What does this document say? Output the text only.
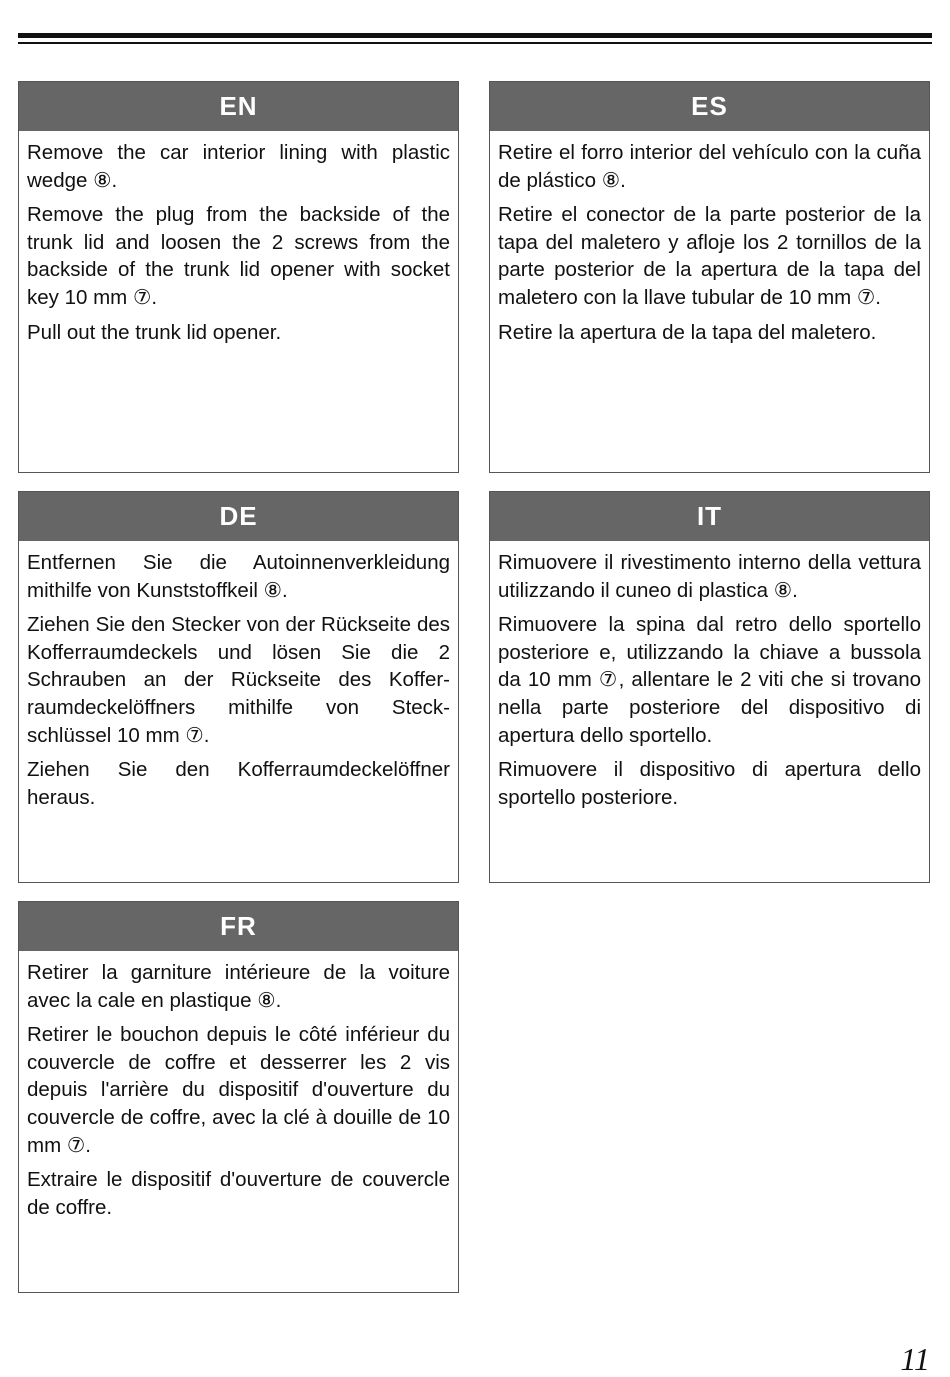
EN

Remove the car interior lining with plastic wedge ⑧.

Remove the plug from the backside of the trunk lid and loosen the 2 screws from the backside of the trunk lid opener with socket key 10 mm ⑦.

Pull out the trunk lid opener.

ES

Retire el forro interior del vehículo con la cuña de plástico ⑧.

Retire el conector de la parte posterior de la tapa del maletero y afloje los 2 tornillos de la parte posterior de la apertura de la tapa del maletero con la llave tubular de 10 mm ⑦.

Retire la apertura de la tapa del maletero.

DE

Entfernen Sie die Autoinnenverkleidung mithilfe von Kunststoffkeil ⑧.

Ziehen Sie den Stecker von der Rückseite des Kofferraumdeckels und lösen Sie die 2 Schrauben an der Rückseite des Koffer-raumdeckelöffners mithilfe von Steck-schlüssel 10 mm ⑦.

Ziehen Sie den Kofferraumdeckelöffner heraus.

IT

Rimuovere il rivestimento interno della vettura utilizzando il cuneo di plastica ⑧.

Rimuovere la spina dal retro dello sportello posteriore e, utilizzando la chiave a bussola da 10 mm ⑦, allentare le 2 viti che si trovano nella parte posteriore del dispositivo di apertura dello sportello.

Rimuovere il dispositivo di apertura dello sportello posteriore.

FR

Retirer la garniture intérieure de la voiture avec la cale en plastique ⑧.

Retirer le bouchon depuis le côté inférieur du couvercle de coffre et desserrer les 2 vis depuis l'arrière du dispositif d'ouverture du couvercle de coffre, avec la clé à douille de 10 mm ⑦.

Extraire le dispositif d'ouverture de couvercle de coffre.

11
